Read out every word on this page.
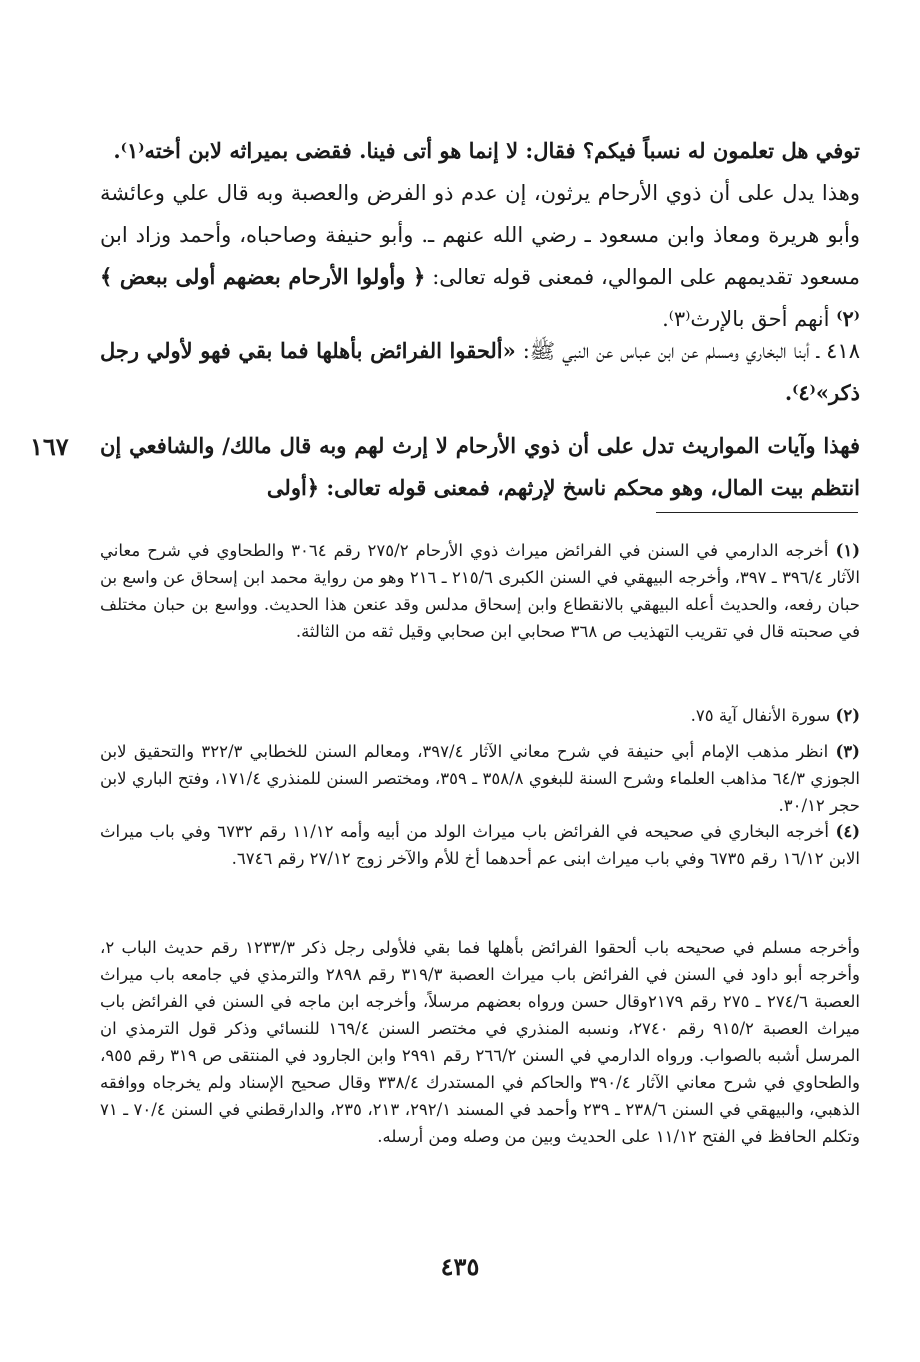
١٦٧

توفي هل تعلمون له نسباً فيكم؟ فقال: لا إنما هو أتى فينا. فقضى بميراثه لابن أخته⁽١⁾.
وهذا يدل على أن ذوي الأرحام يرثون، إن عدم ذو الفرض والعصبة وبه قال علي وعائشة وأبو هريرة ومعاذ وابن مسعود ـ رضي الله عنهم ـ. وأبو حنيفة وصاحباه، وأحمد وزاد ابن مسعود تقديمهم على الموالي، فمعنى قوله تعالى: ﴿ وأولوا الأرحام بعضهم أولى ببعض ﴾⁽٢⁾ أنهم أحق بالإرث⁽٣⁾.

٤١٨ ـ أبنا البخاري ومسلم عن ابن عباس عن النبي ﷺ: «ألحقوا الفرائض بأهلها فما بقي فهو لأولي رجل ذكر»⁽٤⁾.

فهذا وآيات المواريث تدل على أن ذوي الأرحام لا إرث لهم وبه قال مالك/ والشافعي إن انتظم بيت المال، وهو محكم ناسخ لإرثهم، فمعنى قوله تعالى: ﴿أولى

(١) أخرجه الدارمي في السنن في الفرائض ميراث ذوي الأرحام ٢٧٥/٢ رقم ٣٠٦٤ والطحاوي في شرح معاني الآثار ٣٩٦/٤ ـ ٣٩٧، وأخرجه البيهقي في السنن الكبرى ٢١٥/٦ ـ ٢١٦ وهو من رواية محمد ابن إسحاق عن واسع بن حبان رفعه، والحديث أعله البيهقي بالانقطاع وابن إسحاق مدلس وقد عنعن هذا الحديث. وواسع بن حبان مختلف في صحبته قال في تقريب التهذيب ص ٣٦٨ صحابي ابن صحابي وقيل ثقه من الثالثة.
(٢) سورة الأنفال آية ٧٥.
(٣) انظر مذهب الإمام أبي حنيفة في شرح معاني الآثار ٣٩٧/٤، ومعالم السنن للخطابي ٣٢٢/٣ والتحقيق لابن الجوزي ٦٤/٣ مذاهب العلماء وشرح السنة للبغوي ٣٥٨/٨ ـ ٣٥٩، ومختصر السنن للمنذري ١٧١/٤، وفتح الباري لابن حجر ٣٠/١٢.
(٤) أخرجه البخاري في صحيحه في الفرائض باب ميراث الولد من أبيه وأمه ١١/١٢ رقم ٦٧٣٢ وفي باب ميراث الابن ١٦/١٢ رقم ٦٧٣٥ وفي باب ميراث ابنى عم أحدهما أخ للأم والآخر زوج ٢٧/١٢ رقم ٦٧٤٦.
وأخرجه مسلم في صحيحه باب ألحقوا الفرائض بأهلها فما بقي فلأولى رجل ذكر ١٢٣٣/٣ رقم حديث الباب ٢، وأخرجه أبو داود في السنن في الفرائض باب ميراث العصبة ٣١٩/٣ رقم ٢٨٩٨ والترمذي في جامعه باب ميراث العصبة ٢٧٤/٦ ـ ٢٧٥ رقم ٢١٧٩وقال حسن ورواه بعضهم مرسلاً، وأخرجه ابن ماجه في السنن في الفرائض باب ميراث العصبة ٩١٥/٢ رقم ٢٧٤٠، ونسبه المنذري في مختصر السنن ١٦٩/٤ للنسائي وذكر قول الترمذي ان المرسل أشبه بالصواب. ورواه الدارمي في السنن ٢٦٦/٢ رقم ٢٩٩١ وابن الجارود في المنتقى ص ٣١٩ رقم ٩٥٥، والطحاوي في شرح معاني الآثار ٣٩٠/٤ والحاكم في المستدرك ٣٣٨/٤ وقال صحيح الإسناد ولم يخرجاه ووافقه الذهبي، والبيهقي في السنن ٢٣٨/٦ ـ ٢٣٩ وأحمد في المسند ٢٩٢/١، ٢١٣، ٢٣٥، والدارقطني في السنن ٧٠/٤ ـ ٧١ وتكلم الحافظ في الفتح ١١/١٢ على الحديث وبين من وصله ومن أرسله.
٤٣٥
